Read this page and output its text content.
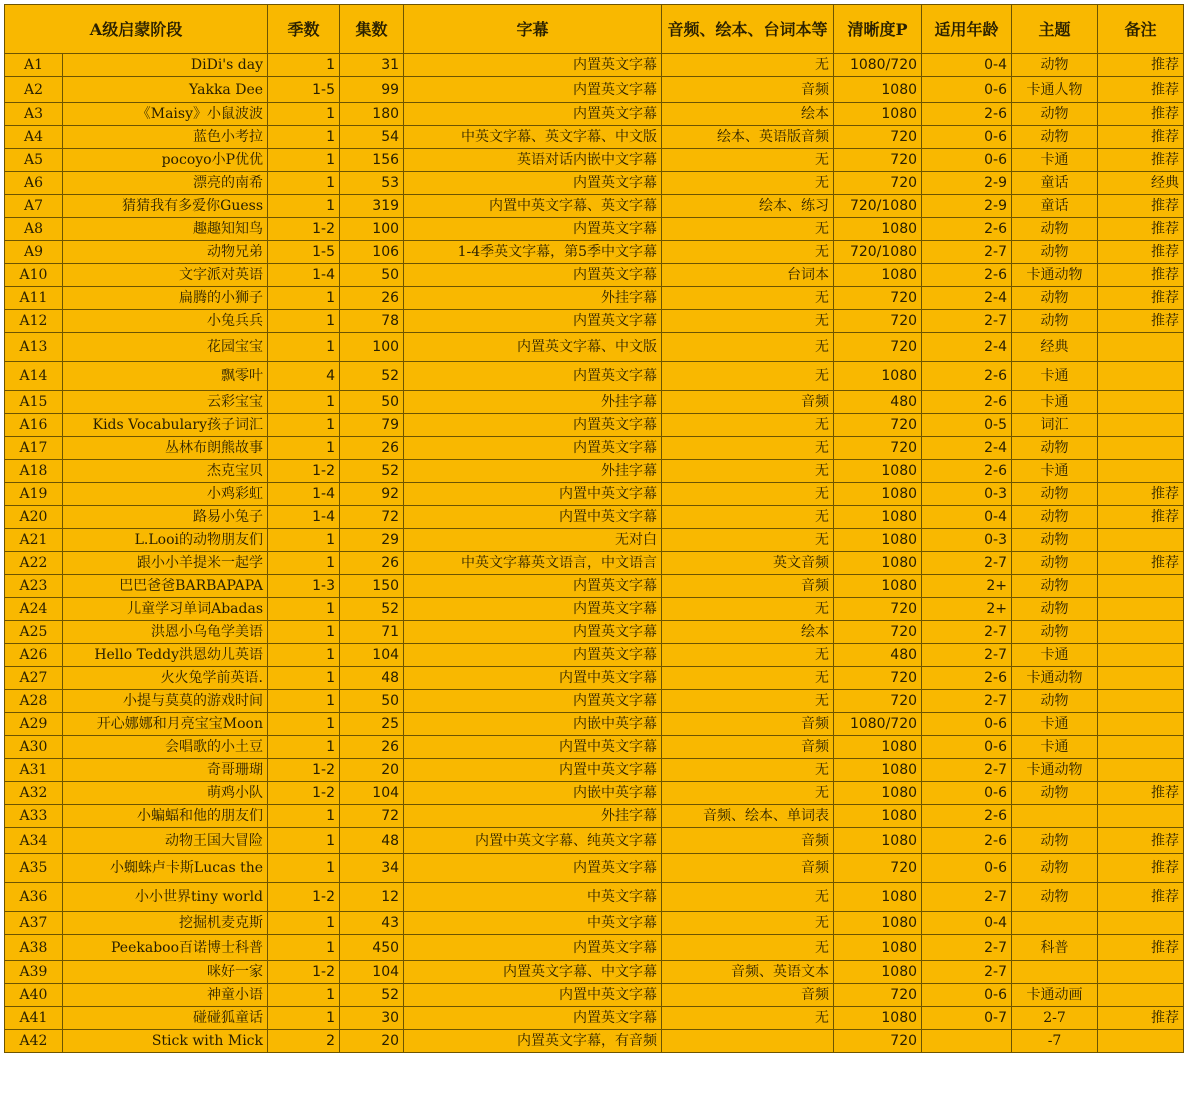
A级启蒙阶段		季数	集数	字幕	音频、绘本、台词本等	清晰度P	适用年龄	主题	备注
A1	DiDi's day	1	31	内置英文字幕	无	1080/720	0-4	动物	推荐
A2	Yakka Dee	1-5	99	内置英文字幕	音频	1080	0-6	卡通人物	推荐
A3	《Maisy》小鼠波波	1	180	内置英文字幕	绘本	1080	2-6	动物	推荐
A4	蓝色小考拉	1	54	中英文字幕、英文字幕、中文版	绘本、英语版音频	720	0-6	动物	推荐
A5	pocoyo小P优优	1	156	英语对话内嵌中文字幕	无	720	0-6	卡通	推荐
A6	漂亮的南希	1	53	内置英文字幕	无	720	2-9	童话	经典
A7	猜猜我有多爱你Guess	1	319	内置中英文字幕、英文字幕	绘本、练习	720/1080	2-9	童话	推荐
A8	趣趣知知鸟	1-2	100	内置英文字幕	无	1080	2-6	动物	推荐
A9	动物兄弟	1-5	106	1-4季英文字幕，第5季中文字幕	无	720/1080	2-7	动物	推荐
A10	文字派对英语	1-4	50	内置英文字幕	台词本	1080	2-6	卡通动物	推荐
A11	扁腾的小狮子	1	26	外挂字幕	无	720	2-4	动物	推荐
A12	小兔兵兵	1	78	内置英文字幕	无	720	2-7	动物	推荐
A13	花园宝宝	1	100	内置英文字幕、中文版	无	720	2-4	经典	
A14	飘零叶	4	52	内置英文字幕	无	1080	2-6	卡通	
A15	云彩宝宝	1	50	外挂字幕	音频	480	2-6	卡通	
A16	Kids Vocabulary孩子词汇	1	79	内置英文字幕	无	720	0-5	词汇	
A17	丛林布朗熊故事	1	26	内置英文字幕	无	720	2-4	动物	
A18	杰克宝贝	1-2	52	外挂字幕	无	1080	2-6	卡通	
A19	小鸡彩虹	1-4	92	内置中英文字幕	无	1080	0-3	动物	推荐
A20	路易小兔子	1-4	72	内置中英文字幕	无	1080	0-4	动物	推荐
A21	L.Looi的动物朋友们	1	29	无对白	无	1080	0-3	动物	
A22	跟小小羊提米一起学	1	26	中英文字幕英文语言，中文语言	英文音频	1080	2-7	动物	推荐
A23	巴巴爸爸BARBAPAPA	1-3	150	内置英文字幕	音频	1080	2+	动物	
A24	儿童学习单词Abadas	1	52	内置英文字幕	无	720	2+	动物	
A25	洪恩小乌龟学美语	1	71	内置英文字幕	绘本	720	2-7	动物	
A26	Hello Teddy洪恩幼儿英语	1	104	内置英文字幕	无	480	2-7	卡通	
A27	火火兔学前英语.	1	48	内置中英文字幕	无	720	2-6	卡通动物	
A28	小提与莫莫的游戏时间	1	50	内置英文字幕	无	720	2-7	动物	
A29	开心娜娜和月亮宝宝Moon	1	25	内嵌中英字幕	音频	1080/720	0-6	卡通	
A30	会唱歌的小土豆	1	26	内置中英文字幕	音频	1080	0-6	卡通	
A31	奇哥珊瑚	1-2	20	内置中英文字幕	无	1080	2-7	卡通动物	
A32	萌鸡小队	1-2	104	内嵌中英字幕	无	1080	0-6	动物	推荐
A33	小蝙蝠和他的朋友们	1	72	外挂字幕	音频、绘本、单词表	1080	2-6		
A34	动物王国大冒险	1	48	内置中英文字幕、纯英文字幕	音频	1080	2-6	动物	推荐
A35	小蜘蛛卢卡斯Lucas the	1	34	内置英文字幕	音频	720	0-6	动物	推荐
A36	小小世界tiny world	1-2	12	中英文字幕	无	1080	2-7	动物	推荐
A37	挖掘机麦克斯	1	43	中英文字幕	无	1080	0-4		
A38	Peekaboo百诺博士科普	1	450	内置英文字幕	无	1080	2-7	科普	推荐
A39	咪好一家	1-2	104	内置英文字幕、中文字幕	音频、英语文本	1080	2-7		
A40	神童小语	1	52	内置中英文字幕	音频	720	0-6	卡通动画	
A41	碰碰狐童话	1	30	内置英文字幕	无	1080	0-7	2-7	推荐
A42	Stick with Mick	2	20	内置英文字幕，有音频		720		-7	
